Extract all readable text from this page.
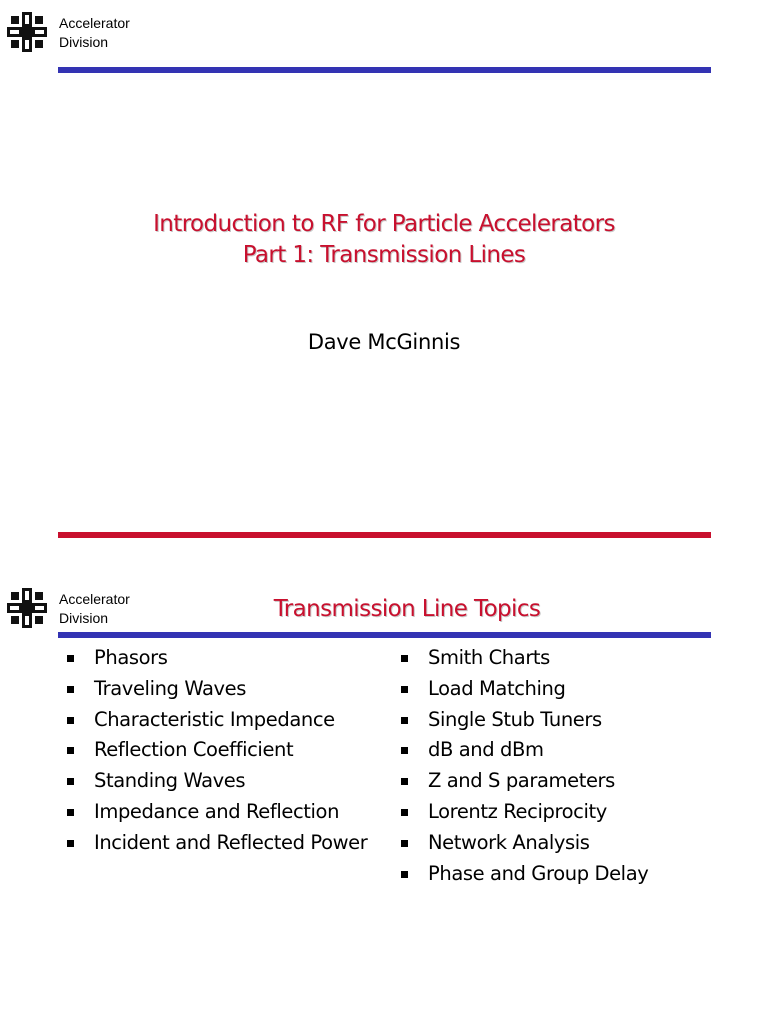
Accelerator
Division
Introduction to RF for Particle Accelerators
Part 1: Transmission Lines
Dave McGinnis
Accelerator
Division	Transmission Line Topics
Phasors
Traveling Waves
Characteristic Impedance
Reflection Coefficient
Standing Waves
Impedance and Reflection
Incident and Reflected Power
Smith Charts
Load Matching
Single Stub Tuners
dB and dBm
Z and S parameters
Lorentz Reciprocity
Network Analysis
Phase and Group Delay
